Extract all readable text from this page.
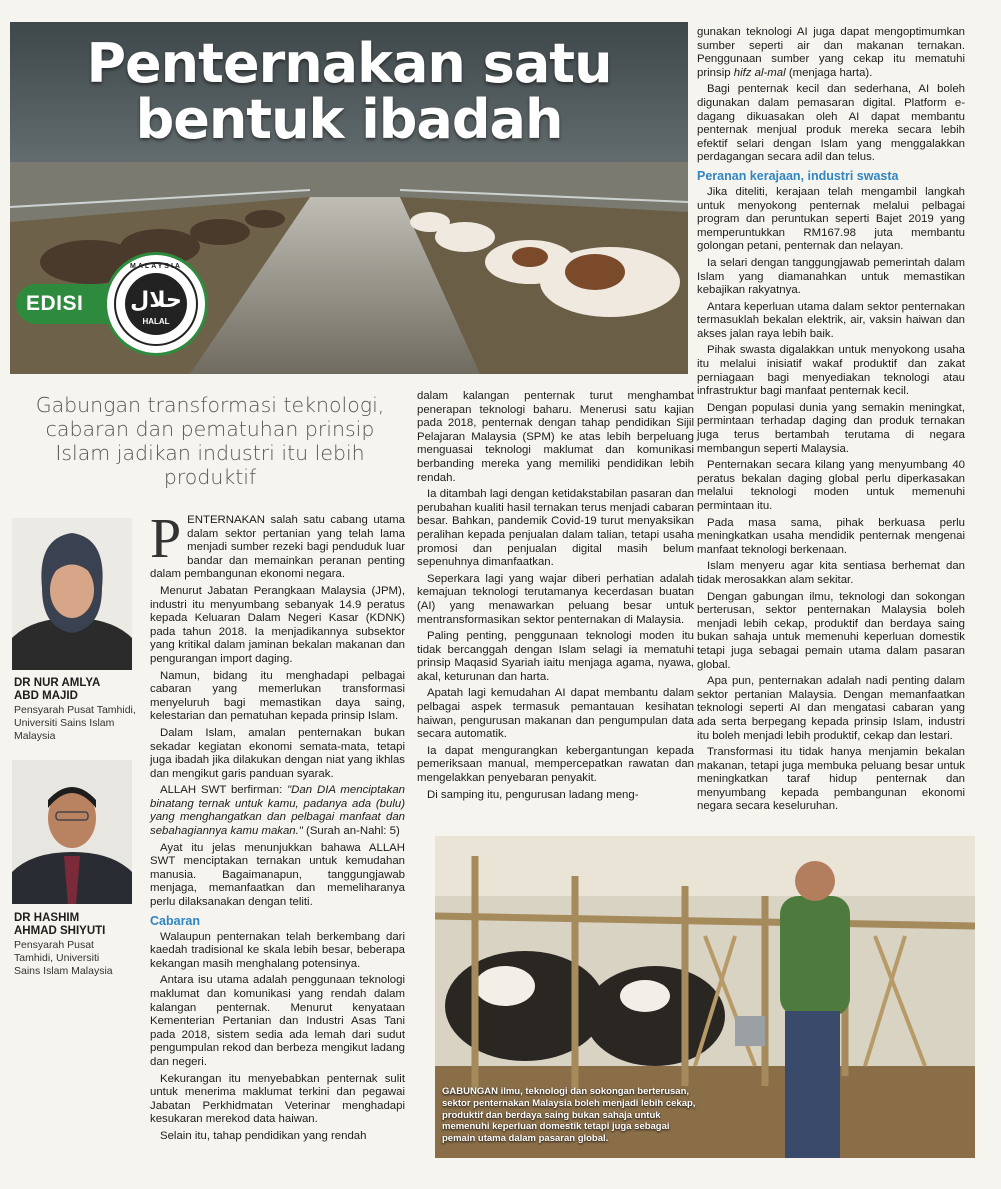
Penternakan satu
bentuk ibadah
EDISI	حلال
HALAL
MALAYSIA

gunakan teknologi AI juga dapat mengoptimumkan sumber seperti air dan makanan ternakan. Penggunaan sumber yang cekap itu mematuhi prinsip hifz al-mal (menjaga harta).

Bagi penternak kecil dan sederhana, AI boleh digunakan dalam pemasaran digital. Platform e-dagang dikuasakan oleh AI dapat membantu penternak menjual produk mereka secara lebih efektif selari dengan Islam yang menggalakkan perdagangan secara adil dan telus.

Peranan kerajaan, industri swasta

Jika diteliti, kerajaan telah mengambil langkah untuk menyokong penternak melalui pelbagai program dan peruntukan seperti Bajet 2019 yang memperuntukkan RM167.98 juta membantu golongan petani, penternak dan nelayan.

Ia selari dengan tanggungjawab pemerintah dalam Islam yang diamanahkan untuk memastikan kebajikan rakyatnya.

Antara keperluan utama dalam sektor penternakan termasuklah bekalan elektrik, air, vaksin haiwan dan akses jalan raya lebih baik.

Pihak swasta digalakkan untuk menyokong usaha itu melalui inisiatif wakaf produktif dan zakat perniagaan bagi menyediakan teknologi atau infrastruktur bagi manfaat penternak kecil.

Dengan populasi dunia yang semakin meningkat, permintaan terhadap daging dan produk ternakan juga terus bertambah terutama di negara membangun seperti Malaysia.

Penternakan secara kilang yang menyumbang 40 peratus bekalan daging global perlu diperkasakan melalui teknologi moden untuk memenuhi permintaan itu.

Pada masa sama, pihak berkuasa perlu meningkatkan usaha mendidik penternak mengenai manfaat teknologi berkenaan.

Islam menyeru agar kita sentiasa berhemat dan tidak merosakkan alam sekitar.

Dengan gabungan ilmu, teknologi dan sokongan berterusan, sektor penternakan Malaysia boleh menjadi lebih cekap, produktif dan berdaya saing bukan sahaja untuk memenuhi keperluan domestik tetapi juga sebagai pemain utama dalam pasaran global.

Apa pun, penternakan adalah nadi penting dalam sektor pertanian Malaysia. Dengan memanfaatkan teknologi seperti AI dan mengatasi cabaran yang ada serta berpegang kepada prinsip Islam, industri itu boleh menjadi lebih produktif, cekap dan lestari.

Transformasi itu tidak hanya menjamin bekalan makanan, tetapi juga membuka peluang besar untuk meningkatkan taraf hidup penternak dan menyumbang kepada pembangunan ekonomi negara secara keseluruhan.

Gabungan transformasi teknologi, cabaran dan pematuhan prinsip Islam jadikan industri itu lebih produktif
DR NUR AMLYA
ABD MAJID
Pensyarah Pusat Tamhidi, Universiti Sains Islam Malaysia
DR HASHIM
AHMAD SHIYUTI
Pensyarah Pusat Tamhidi, Universiti Sains Islam Malaysia

PENTERNAKAN salah satu cabang utama dalam sektor pertanian yang telah lama menjadi sumber rezeki bagi penduduk luar bandar dan memainkan peranan penting dalam pembangunan ekonomi negara.

Menurut Jabatan Perangkaan Malaysia (JPM), industri itu menyumbang sebanyak 14.9 peratus kepada Keluaran Dalam Negeri Kasar (KDNK) pada tahun 2018. Ia menjadikannya subsektor yang kritikal dalam jaminan bekalan makanan dan pengurangan import daging.

Namun, bidang itu menghadapi pelbagai cabaran yang memerlukan transformasi menyeluruh bagi memastikan daya saing, kelestarian dan pematuhan kepada prinsip Islam.

Dalam Islam, amalan penternakan bukan sekadar kegiatan ekonomi semata-mata, tetapi juga ibadah jika dilakukan dengan niat yang ikhlas dan mengikut garis panduan syarak.

ALLAH SWT berfirman: "Dan DIA menciptakan binatang ternak untuk kamu, padanya ada (bulu) yang menghangatkan dan pelbagai manfaat dan sebahagiannya kamu makan." (Surah an-Nahl: 5)

Ayat itu jelas menunjukkan bahawa ALLAH SWT menciptakan ternakan untuk kemudahan manusia. Bagaimanapun, tanggungjawab menjaga, memanfaatkan dan memeliharanya perlu dilaksanakan dengan teliti.

Cabaran

Walaupun penternakan telah berkembang dari kaedah tradisional ke skala lebih besar, beberapa kekangan masih menghalang potensinya.

Antara isu utama adalah penggunaan teknologi maklumat dan komunikasi yang rendah dalam kalangan penternak. Menurut kenyataan Kementerian Pertanian dan Industri Asas Tani pada 2018, sistem sedia ada lemah dari sudut pengumpulan rekod dan berbeza mengikut ladang dan negeri.

Kekurangan itu menyebabkan penternak sulit untuk menerima maklumat terkini dan pegawai Jabatan Perkhidmatan Veterinar menghadapi kesukaran merekod data haiwan.

Selain itu, tahap pendidikan yang rendah

dalam kalangan penternak turut menghambat penerapan teknologi baharu. Menerusi satu kajian pada 2018, penternak dengan tahap pendidikan Sijil Pelajaran Malaysia (SPM) ke atas lebih berpeluang menguasai teknologi maklumat dan komunikasi berbanding mereka yang memiliki pendidikan lebih rendah.

Ia ditambah lagi dengan ketidakstabilan pasaran dan perubahan kualiti hasil ternakan terus menjadi cabaran besar. Bahkan, pandemik Covid-19 turut menyaksikan peralihan kepada penjualan dalam talian, tetapi usaha promosi dan penjualan digital masih belum sepenuhnya dimanfaatkan.

Seperkara lagi yang wajar diberi perhatian adalah kemajuan teknologi terutamanya kecerdasan buatan (AI) yang menawarkan peluang besar untuk mentransformasikan sektor penternakan di Malaysia.

Paling penting, penggunaan teknologi moden itu tidak bercanggah dengan Islam selagi ia mematuhi prinsip Maqasid Syariah iaitu menjaga agama, nyawa, akal, keturunan dan harta.

Apatah lagi kemudahan AI dapat membantu dalam pelbagai aspek termasuk pemantauan kesihatan haiwan, pengurusan makanan dan pengumpulan data secara automatik.

Ia dapat mengurangkan kebergantungan kepada pemeriksaan manual, mempercepatkan rawatan dan mengelakkan penyebaran penyakit.

Di samping itu, pengurusan ladang meng-

GABUNGAN ilmu, teknologi dan sokongan berterusan, sektor penternakan Malaysia boleh menjadi lebih cekap, produktif dan berdaya saing bukan sahaja untuk memenuhi keperluan domestik tetapi juga sebagai pemain utama dalam pasaran global.
